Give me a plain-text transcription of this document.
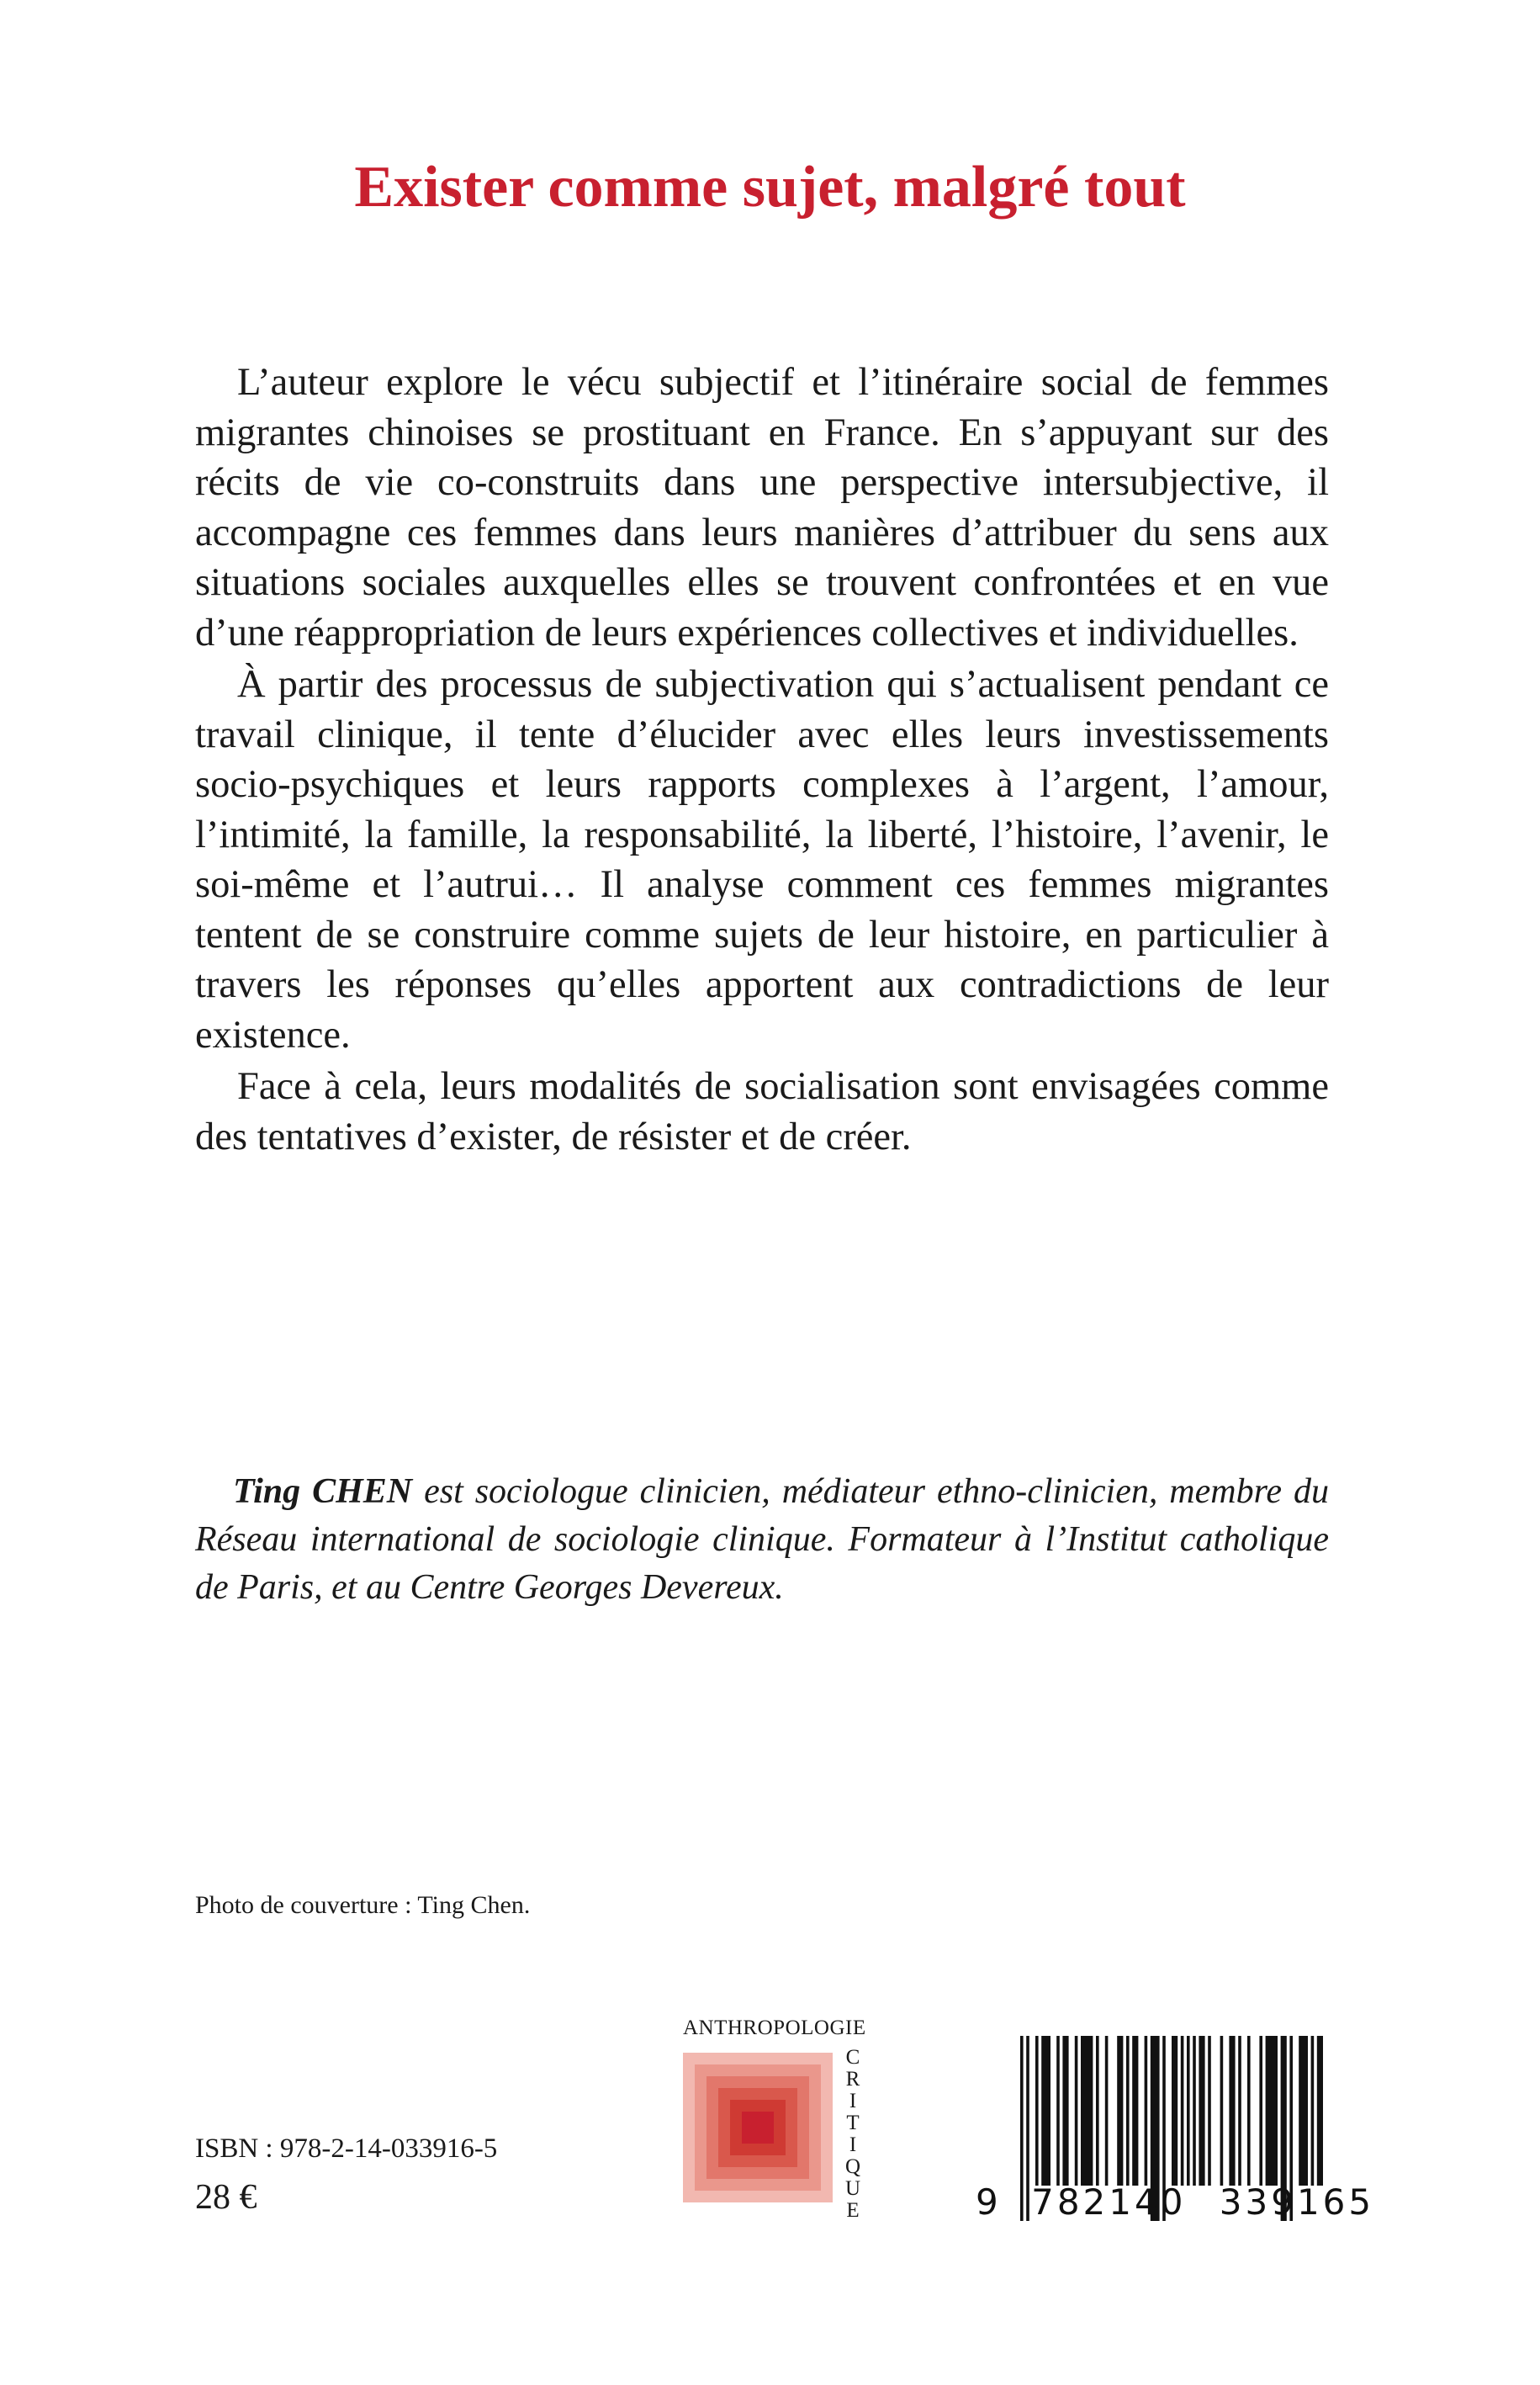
Exister comme sujet, malgré tout

L’auteur explore le vécu subjectif et l’itinéraire social de femmes migrantes chinoises se prostituant en France. En s’appuyant sur des récits de vie co-construits dans une perspective intersubjective, il accompagne ces femmes dans leurs manières d’attribuer du sens aux situations sociales auxquelles elles se trouvent confrontées et en vue d’une réappropriation de leurs expériences collectives et individuelles.

À partir des processus de subjectivation qui s’actualisent pendant ce travail clinique, il tente d’élucider avec elles leurs investissements socio-psychiques et leurs rapports complexes à l’argent, l’amour, l’intimité, la famille, la responsabilité, la liberté, l’histoire, l’avenir, le soi-même et l’autrui… Il analyse comment ces femmes migrantes tentent de se construire comme sujets de leur histoire, en particulier à travers les réponses qu’elles apportent aux contradictions de leur existence.

Face à cela, leurs modalités de socialisation sont envisagées comme des tentatives d’exister, de résister et de créer.

Ting CHEN est sociologue clinicien, médiateur ethno-clinicien, membre du Réseau international de sociologie clinique. Formateur à l’Institut catholique de Paris, et au Centre Georges Devereux.

Photo de couverture : Ting Chen.

ISBN : 978-2-14-033916-5

28 €

ANTHROPOLOGIE

C
R
I
T
I
Q
U
E	9 782140 339165
